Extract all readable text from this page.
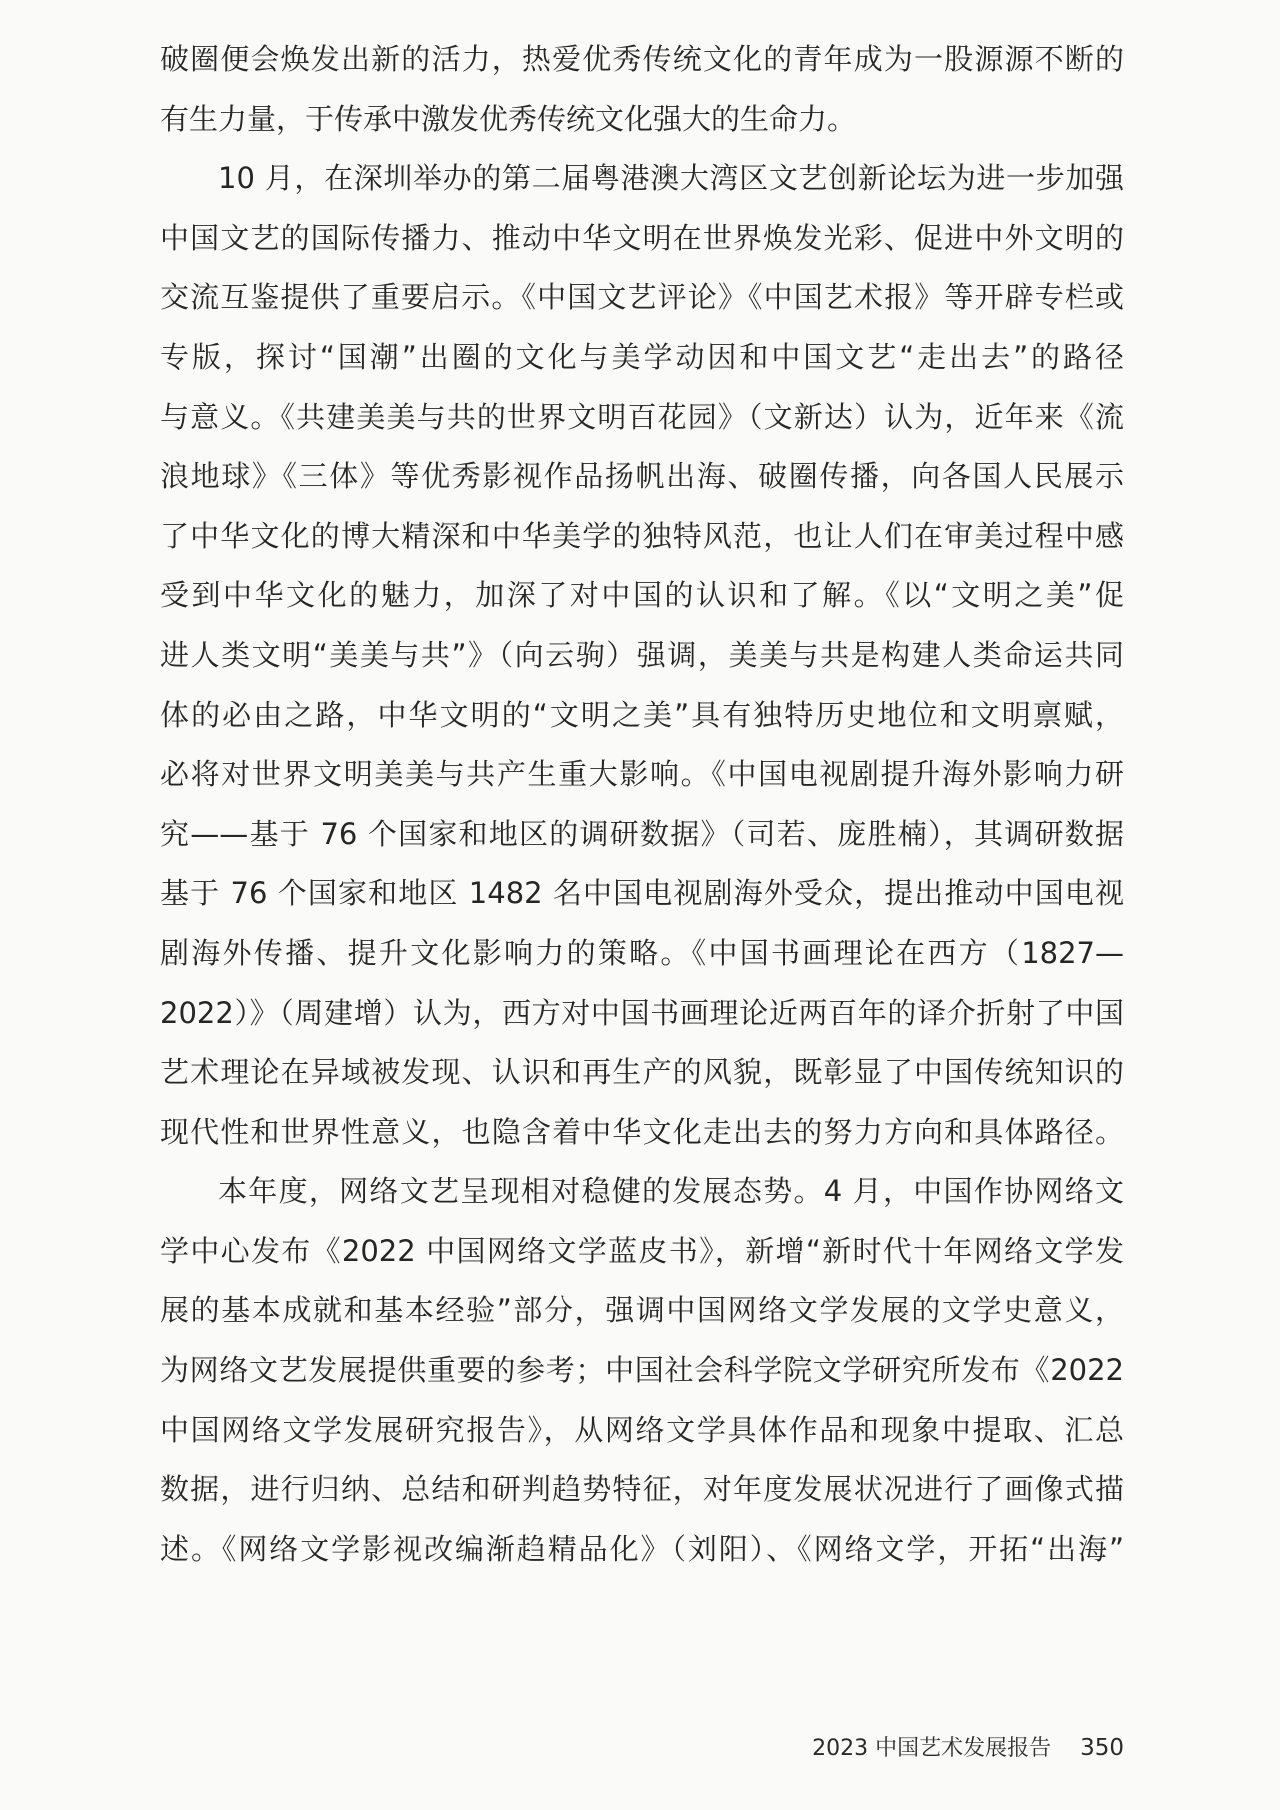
破圈便会焕发出新的活力，热爱优秀传统文化的青年成为一股源源不断的
有生力量，于传承中激发优秀传统文化强大的生命力。

10 月，在深圳举办的第二届粤港澳大湾区文艺创新论坛为进一步加强
中国文艺的国际传播力、推动中华文明在世界焕发光彩、促进中外文明的
交流互鉴提供了重要启示。《中国文艺评论》《中国艺术报》等开辟专栏或
专版，探讨“国潮”出圈的文化与美学动因和中国文艺“走出去”的路径
与意义。《共建美美与共的世界文明百花园》（文新达）认为，近年来《流
浪地球》《三体》等优秀影视作品扬帆出海、破圈传播，向各国人民展示
了中华文化的博大精深和中华美学的独特风范，也让人们在审美过程中感
受到中华文化的魅力，加深了对中国的认识和了解。《以“文明之美”促
进人类文明“美美与共”》（向云驹）强调，美美与共是构建人类命运共同
体的必由之路，中华文明的“文明之美”具有独特历史地位和文明禀赋，
必将对世界文明美美与共产生重大影响。《中国电视剧提升海外影响力研
究——基于 76 个国家和地区的调研数据》（司若、庞胜楠），其调研数据
基于 76 个国家和地区 1482 名中国电视剧海外受众，提出推动中国电视
剧海外传播、提升文化影响力的策略。《中国书画理论在西方（1827—
2022）》（周建增）认为，西方对中国书画理论近两百年的译介折射了中国
艺术理论在异域被发现、认识和再生产的风貌，既彰显了中国传统知识的
现代性和世界性意义，也隐含着中华文化走出去的努力方向和具体路径。

本年度，网络文艺呈现相对稳健的发展态势。4 月，中国作协网络文
学中心发布《2022 中国网络文学蓝皮书》，新增“新时代十年网络文学发
展的基本成就和基本经验”部分，强调中国网络文学发展的文学史意义，
为网络文艺发展提供重要的参考；中国社会科学院文学研究所发布《2022
中国网络文学发展研究报告》，从网络文学具体作品和现象中提取、汇总
数据，进行归纳、总结和研判趋势特征，对年度发展状况进行了画像式描
述。《网络文学影视改编渐趋精品化》（刘阳）、《网络文学，开拓“出海”

2023 中国艺术发展报告 350
